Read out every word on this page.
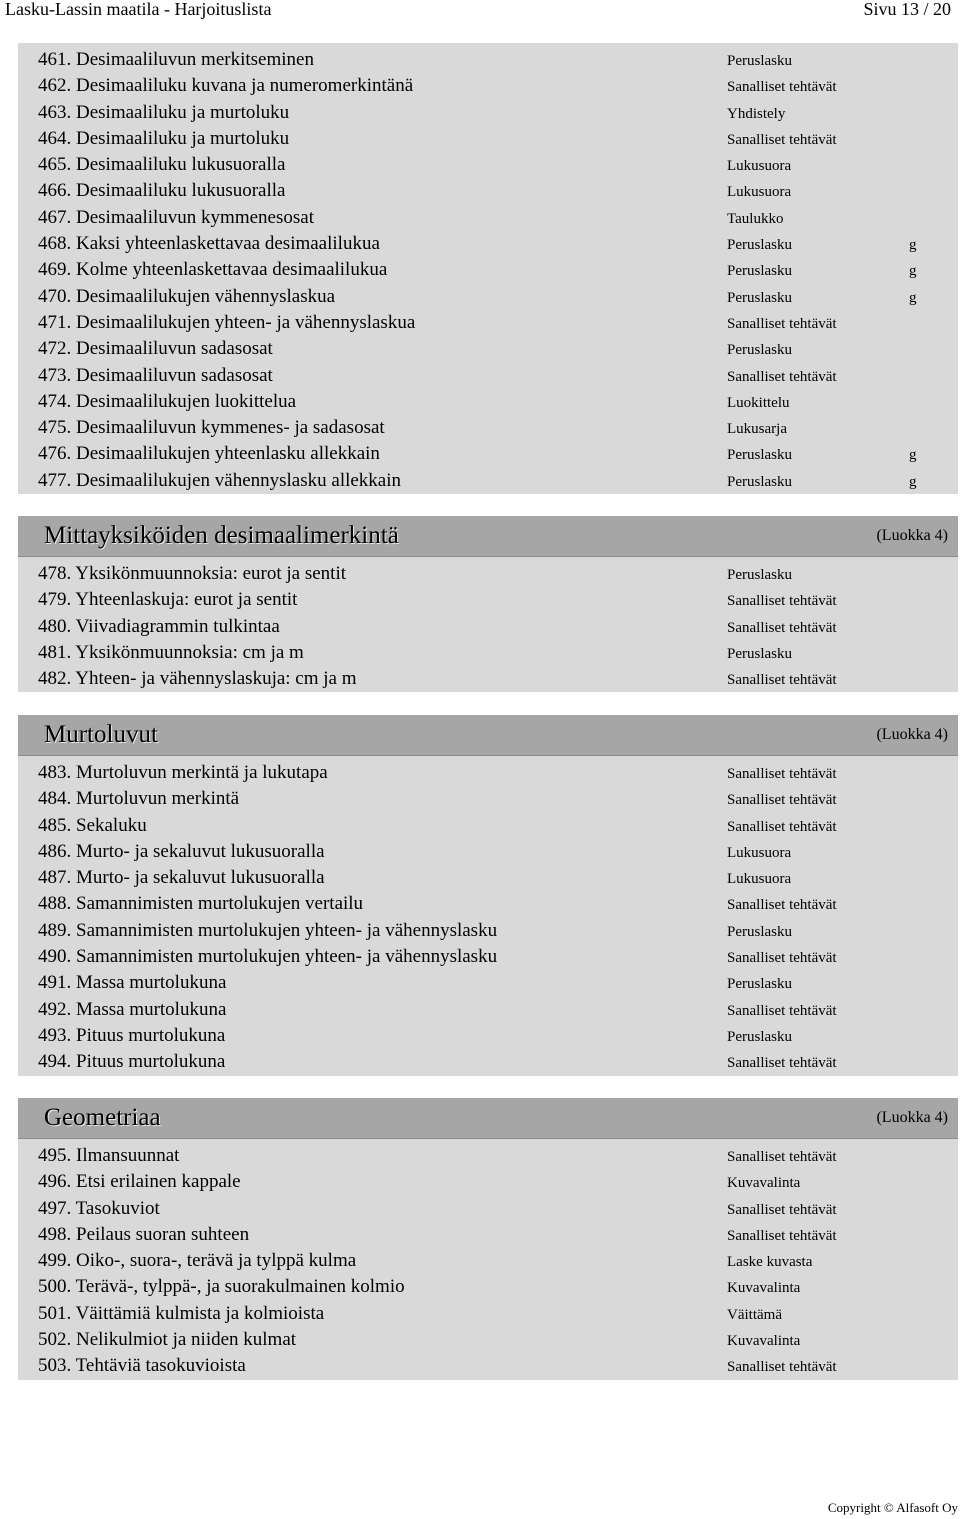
Lasku-Lassin maatila - Harjoituslista	Sivu 13 / 20
461. Desimaaliluvun merkitseminen	Peruslasku
462. Desimaaliluku kuvana ja numeromerkintänä	Sanalliset tehtävät
463. Desimaaliluku ja murtoluku	Yhdistely
464. Desimaaliluku ja murtoluku	Sanalliset tehtävät
465. Desimaaliluku lukusuoralla	Lukusuora
466. Desimaaliluku lukusuoralla	Lukusuora
467. Desimaaliluvun kymmenesosat	Taulukko
468. Kaksi yhteenlaskettavaa desimaalilukua	Peruslasku	g
469. Kolme yhteenlaskettavaa desimaalilukua	Peruslasku	g
470. Desimaalilukujen vähennyslaskua	Peruslasku	g
471. Desimaalilukujen yhteen- ja vähennyslaskua	Sanalliset tehtävät
472. Desimaaliluvun sadasosat	Peruslasku
473. Desimaaliluvun sadasosat	Sanalliset tehtävät
474. Desimaalilukujen luokittelua	Luokittelu
475. Desimaaliluvun kymmenes- ja sadasosat	Lukusarja
476. Desimaalilukujen yhteenlasku allekkain	Peruslasku	g
477. Desimaalilukujen vähennyslasku allekkain	Peruslasku	g
Mittayksiköiden desimaalimerkintä	(Luokka 4)
478. Yksikönmuunnoksia: eurot ja sentit	Peruslasku
479. Yhteenlaskuja: eurot ja sentit	Sanalliset tehtävät
480. Viivadiagrammin tulkintaa	Sanalliset tehtävät
481. Yksikönmuunnoksia: cm ja m	Peruslasku
482. Yhteen- ja vähennyslaskuja: cm ja m	Sanalliset tehtävät
Murtoluvut	(Luokka 4)
483. Murtoluvun merkintä ja lukutapa	Sanalliset tehtävät
484. Murtoluvun merkintä	Sanalliset tehtävät
485. Sekaluku	Sanalliset tehtävät
486. Murto- ja sekaluvut lukusuoralla	Lukusuora
487. Murto- ja sekaluvut lukusuoralla	Lukusuora
488. Samannimisten murtolukujen vertailu	Sanalliset tehtävät
489. Samannimisten murtolukujen yhteen- ja vähennyslasku	Peruslasku
490. Samannimisten murtolukujen yhteen- ja vähennyslasku	Sanalliset tehtävät
491. Massa murtolukuna	Peruslasku
492. Massa murtolukuna	Sanalliset tehtävät
493. Pituus murtolukuna	Peruslasku
494. Pituus murtolukuna	Sanalliset tehtävät
Geometriaa	(Luokka 4)
495. Ilmansuunnat	Sanalliset tehtävät
496. Etsi erilainen kappale	Kuvavalinta
497. Tasokuviot	Sanalliset tehtävät
498. Peilaus suoran suhteen	Sanalliset tehtävät
499. Oiko-, suora-, terävä ja tylppä kulma	Laske kuvasta
500. Terävä-, tylppä-, ja suorakulmainen kolmio	Kuvavalinta
501. Väittämiä kulmista ja kolmioista	Väittämä
502. Nelikulmiot ja niiden kulmat	Kuvavalinta
503. Tehtäviä tasokuvioista	Sanalliset tehtävät
Copyright © Alfasoft Oy
